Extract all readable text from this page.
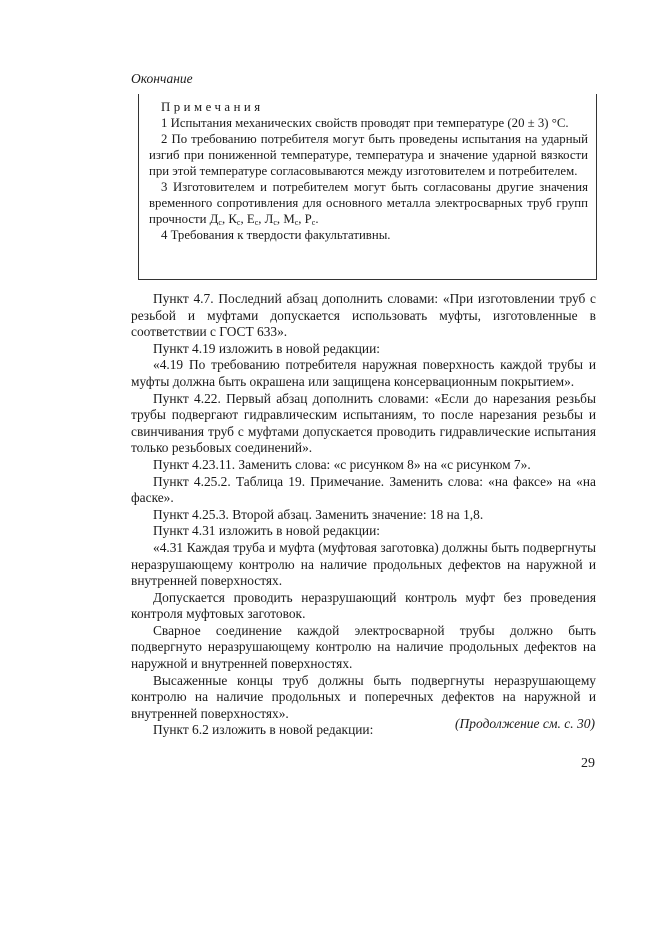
Окончание

Примечания

1 Испытания механических свойств проводят при температуре (20 ± 3) °С.

2 По требованию потребителя могут быть проведены испытания на ударный изгиб при пониженной температуре, температура и значение ударной вязкости при этой температуре согласовываются между изготовителем и потребителем.

3 Изготовителем и потребителем могут быть согласованы другие значения временного сопротивления для основного металла электросварных труб групп прочности $Д_с$, $К_с$, $Е_с$, $Л_с$, $М_с$, $Р_с$.

4 Требования к твердости факультативны.

Пункт 4.7. Последний абзац дополнить словами: «При изготовлении труб с резьбой и муфтами допускается использовать муфты, изготовленные в соответствии с ГОСТ 633».

Пункт 4.19 изложить в новой редакции:

«4.19 По требованию потребителя наружная поверхность каждой трубы и муфты должна быть окрашена или защищена консервационным покрытием».

Пункт 4.22. Первый абзац дополнить словами: «Если до нарезания резьбы трубы подвергают гидравлическим испытаниям, то после нарезания резьбы и свинчивания труб с муфтами допускается проводить гидравлические испытания только резьбовых соединений».

Пункт 4.23.11. Заменить слова: «с рисунком 8» на «с рисунком 7».

Пункт 4.25.2. Таблица 19. Примечание. Заменить слова: «на факсе» на «на фаске».

Пункт 4.25.3. Второй абзац. Заменить значение: 18 на 1,8.

Пункт 4.31 изложить в новой редакции:

«4.31 Каждая труба и муфта (муфтовая заготовка) должны быть подвергнуты неразрушающему контролю на наличие продольных дефектов на наружной и внутренней поверхностях.

Допускается проводить неразрушающий контроль муфт без проведения контроля муфтовых заготовок.

Сварное соединение каждой электросварной трубы должно быть подвергнуто неразрушающему контролю на наличие продольных дефектов на наружной и внутренней поверхностях.

Высаженные концы труб должны быть подвергнуты неразрушающему контролю на наличие продольных и поперечных дефектов на наружной и внутренней поверхностях».

Пункт 6.2 изложить в новой редакции:	(Продолжение см. с. 30)
29
